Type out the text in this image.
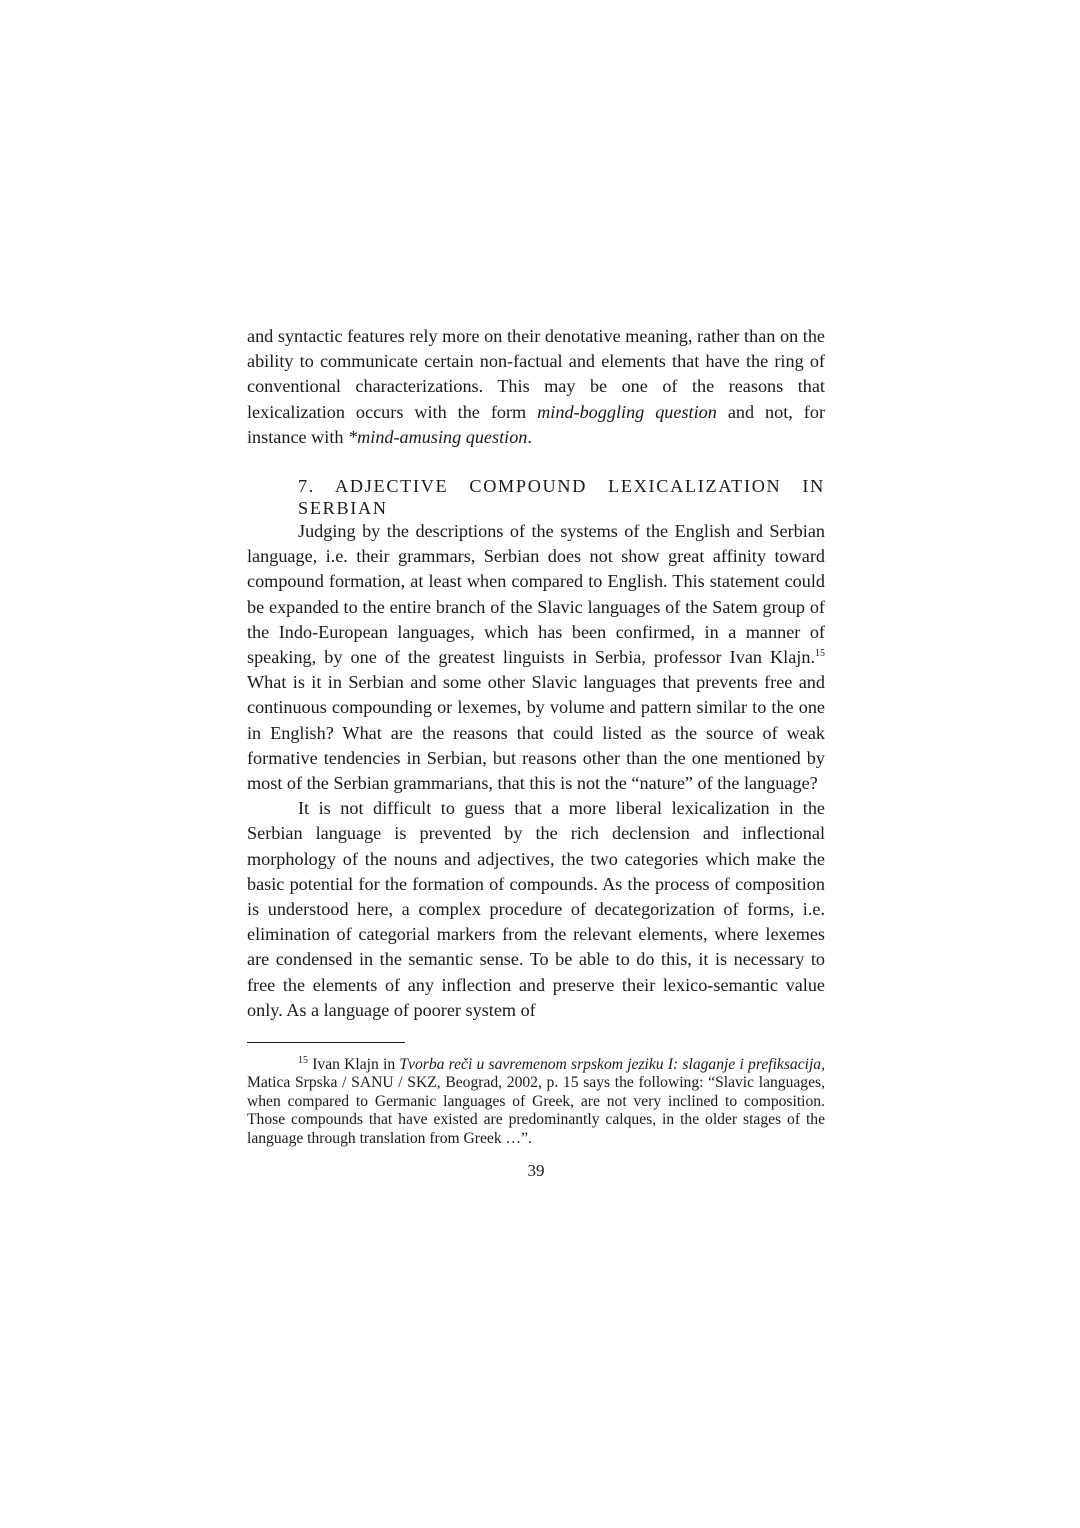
and syntactic features rely more on their denotative meaning, rather than on the ability to communicate certain non-factual and elements that have the ring of conventional characterizations. This may be one of the reasons that lexicalization occurs with the form mind-boggling question and not, for instance with *mind-amusing question.

7. ADJECTIVE COMPOUND LEXICALIZATION IN SERBIAN

Judging by the descriptions of the systems of the English and Serbian language, i.e. their grammars, Serbian does not show great affinity toward compound formation, at least when compared to English. This statement could be expanded to the entire branch of the Slavic languages of the Satem group of the Indo-European languages, which has been confirmed, in a manner of speaking, by one of the greatest linguists in Serbia, professor Ivan Klajn.$^{15}$ What is it in Serbian and some other Slavic languages that prevents free and continuous compounding or lexemes, by volume and pattern similar to the one in English? What are the reasons that could listed as the source of weak formative tendencies in Serbian, but reasons other than the one mentioned by most of the Serbian grammarians, that this is not the “nature” of the language?

It is not difficult to guess that a more liberal lexicalization in the Serbian language is prevented by the rich declension and inflectional morphology of the nouns and adjectives, the two categories which make the basic potential for the formation of compounds. As the process of composition is understood here, a complex procedure of decategorization of forms, i.e. elimination of categorial markers from the relevant elements, where lexemes are condensed in the semantic sense. To be able to do this, it is necessary to free the elements of any inflection and preserve their lexico-semantic value only. As a language of poorer system of

$^{15}$ Ivan Klajn in Tvorba reči u savremenom srpskom jeziku I: slaganje i prefiksacija, Matica Srpska / SANU / SKZ, Beograd, 2002, p. 15 says the following: “Slavic languages, when compared to Germanic languages of Greek, are not very inclined to composition. Those compounds that have existed are predominantly calques, in the older stages of the language through translation from Greek …”.

39
